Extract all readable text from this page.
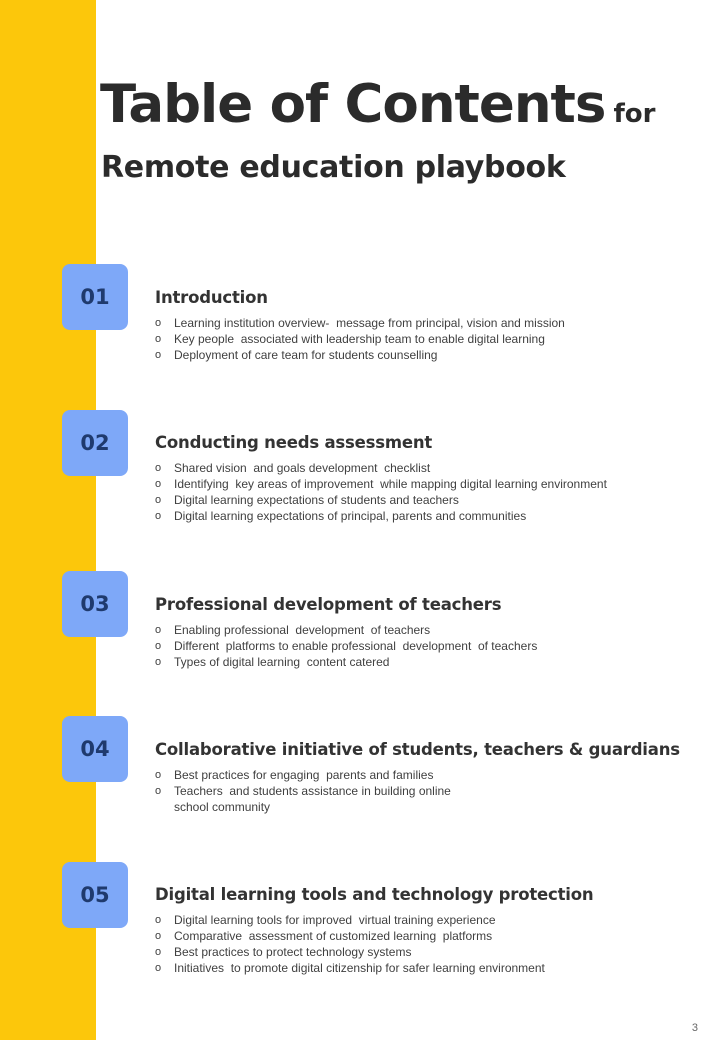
Table of Contents for
Remote education playbook
01	Introduction
o	Learning institution overview-  message from principal, vision and mission
o	Key people  associated with leadership team to enable digital learning
o	Deployment of care team for students counselling
02	Conducting needs assessment
o	Shared vision  and goals development  checklist
o	Identifying  key areas of improvement  while mapping digital learning environment
o	Digital learning expectations of students and teachers
o	Digital learning expectations of principal, parents and communities
03	Professional development of teachers
o	Enabling professional  development  of teachers
o	Different  platforms to enable professional  development  of teachers
o	Types of digital learning  content catered
04	Collaborative initiative of students, teachers & guardians
o	Best practices for engaging  parents and families
o	Teachers  and students assistance in building online
school community
05	Digital learning tools and technology protection
o	Digital learning tools for improved  virtual training experience
o	Comparative  assessment of customized learning  platforms
o	Best practices to protect technology systems
o	Initiatives  to promote digital citizenship for safer learning environment
3
